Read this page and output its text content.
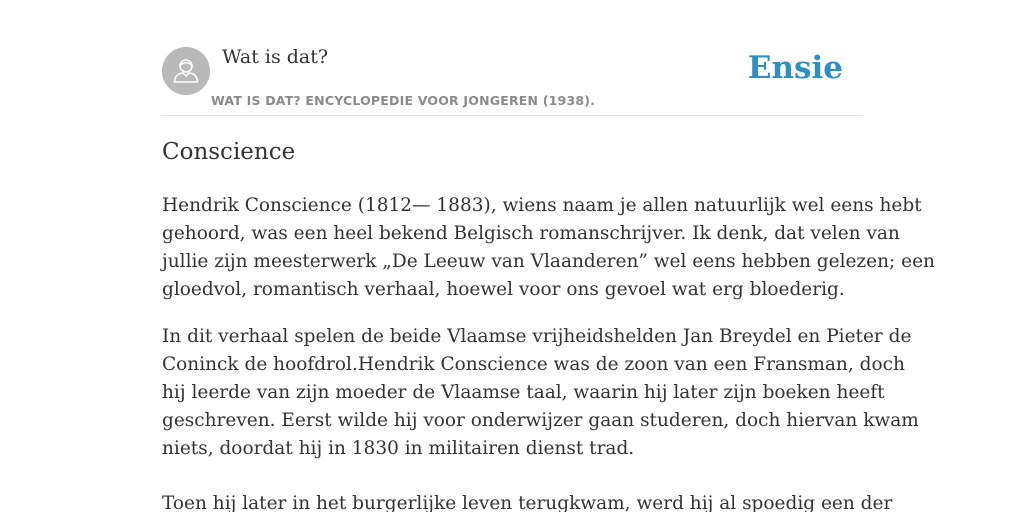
Wat is dat?
WAT IS DAT? ENCYCLOPEDIE VOOR JONGEREN (1938).
Ensie
Conscience

Hendrik Conscience (1812— 1883), wiens naam je allen natuurlijk wel eens hebt
gehoord, was een heel bekend Belgisch romanschrijver. Ik denk, dat velen van
jullie zijn meesterwerk „De Leeuw van Vlaanderen” wel eens hebben gelezen; een
gloedvol, romantisch verhaal, hoewel voor ons gevoel wat erg bloederig.

In dit verhaal spelen de beide Vlaamse vrijheidshelden Jan Breydel en Pieter de
Coninck de hoofdrol.Hendrik Conscience was de zoon van een Fransman, doch
hij leerde van zijn moeder de Vlaamse taal, waarin hij later zijn boeken heeft
geschreven. Eerst wilde hij voor onderwijzer gaan studeren, doch hiervan kwam
niets, doordat hij in 1830 in militairen dienst trad.

Toen hij later in het burgerlijke leven terugkwam, werd hij al spoedig een der
